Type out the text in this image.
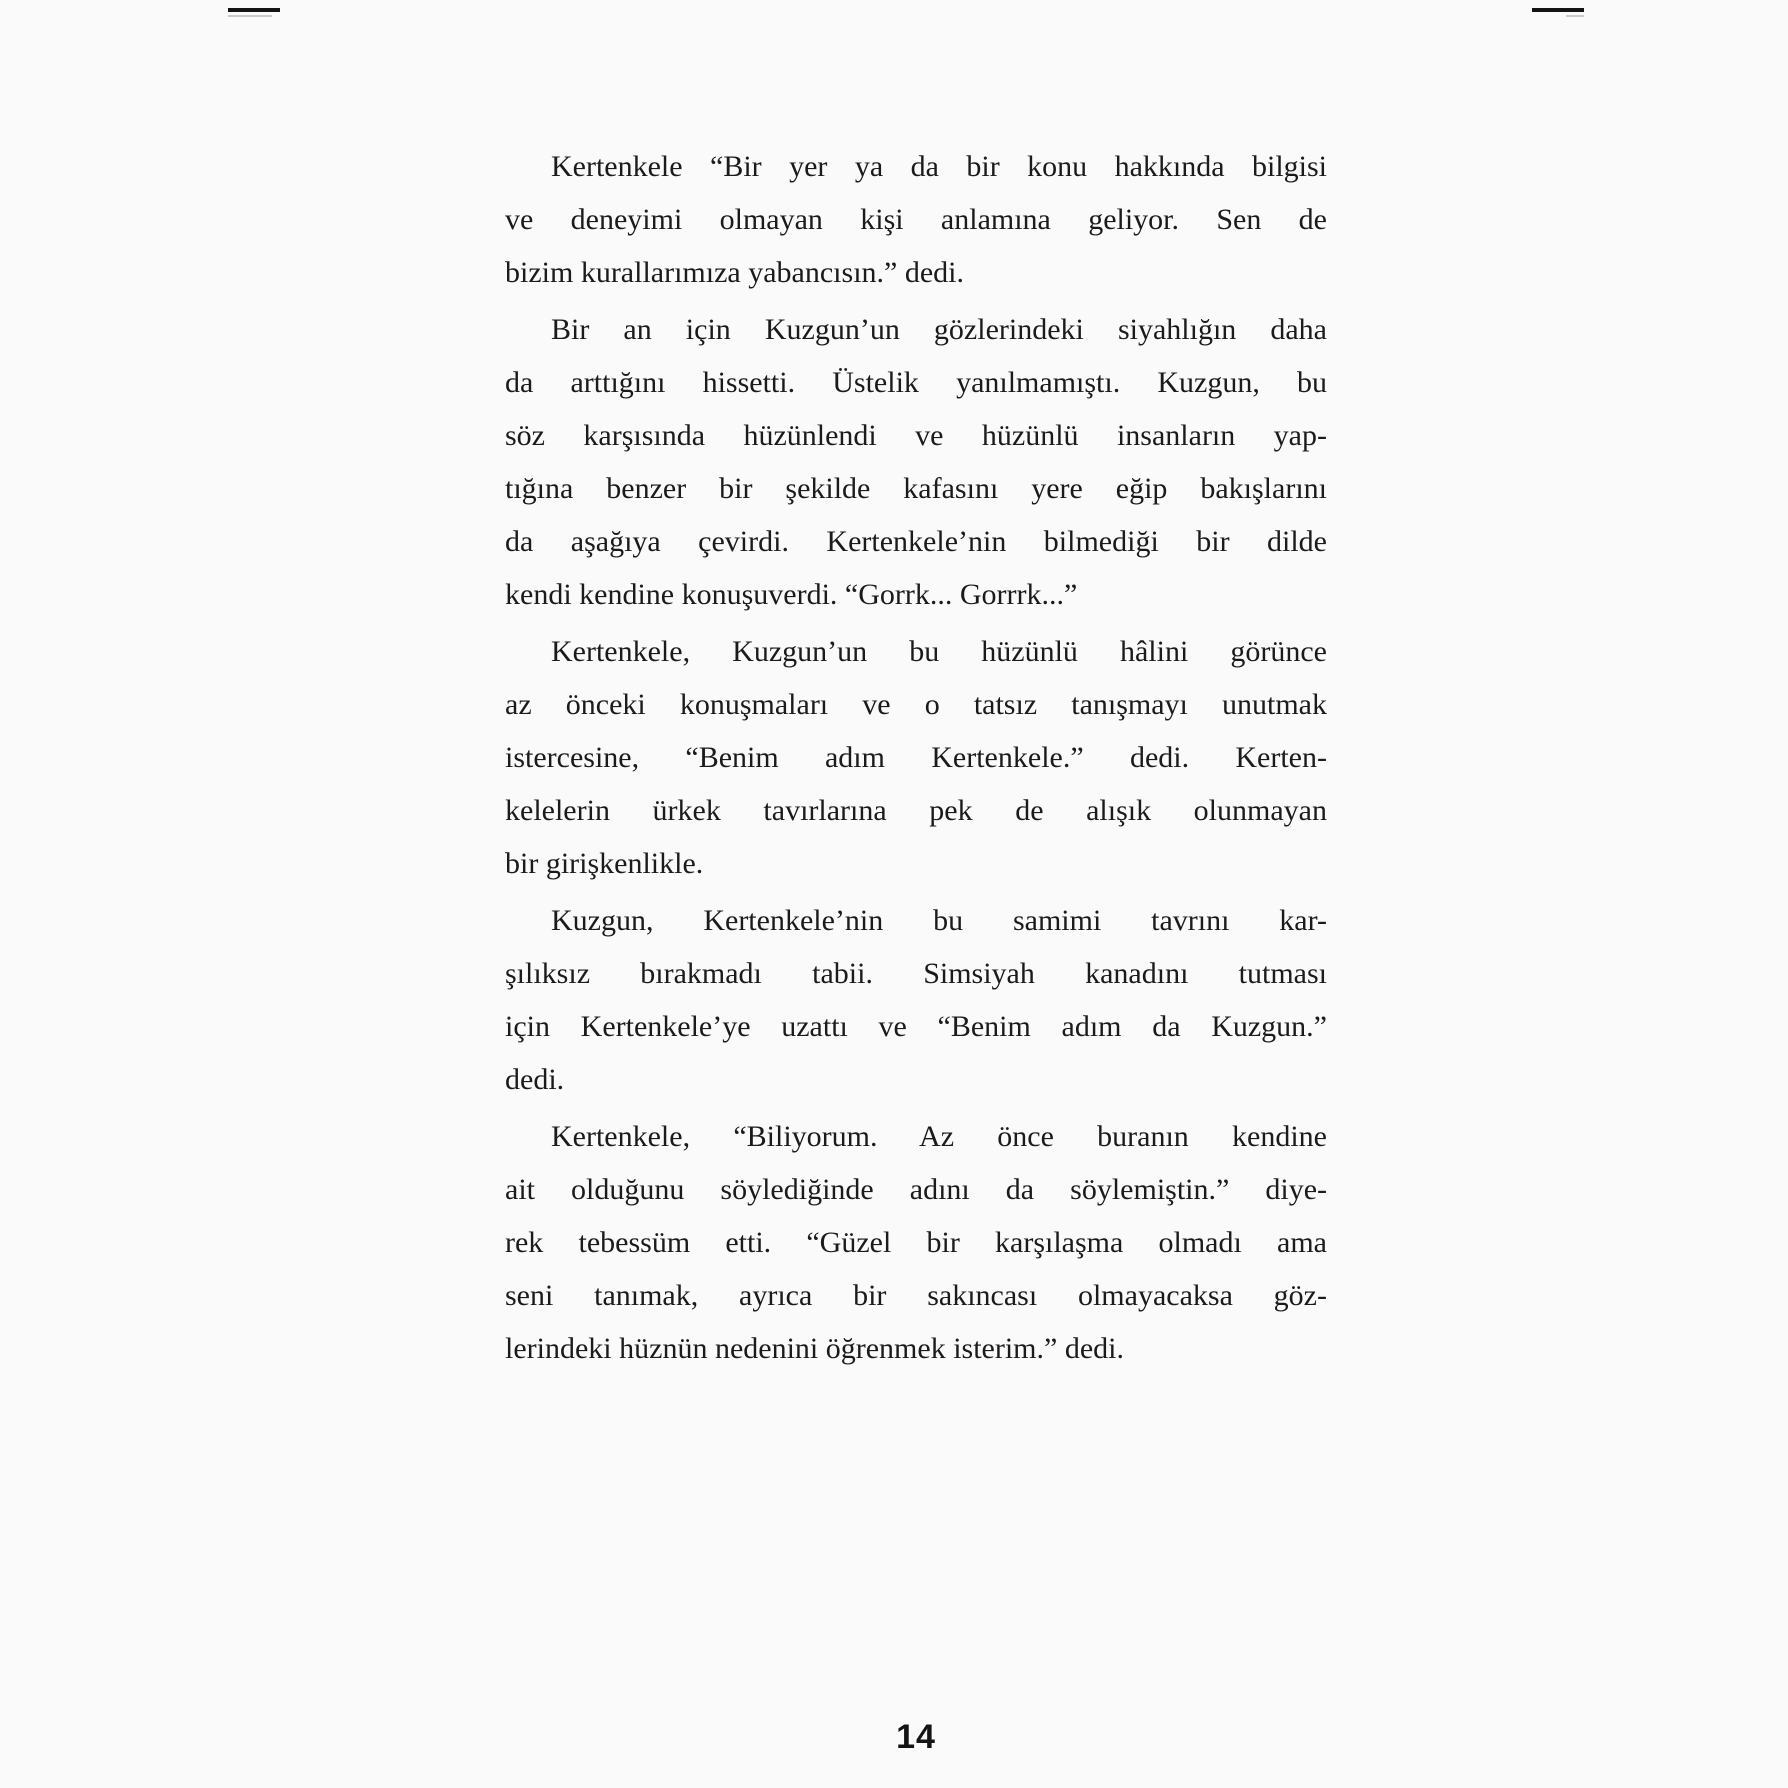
Kertenkele “Bir yer ya da bir konu hakkında bilgisi
ve deneyimi olmayan kişi anlamına geliyor. Sen de
bizim kurallarımıza yabancısın.” dedi.
Bir an için Kuzgun’un gözlerindeki siyahlığın daha
da arttığını hissetti. Üstelik yanılmamıştı. Kuzgun, bu
söz karşısında hüzünlendi ve hüzünlü insanların yap-
tığına benzer bir şekilde kafasını yere eğip bakışlarını
da aşağıya çevirdi. Kertenkele’nin bilmediği bir dilde
kendi kendine konuşuverdi. “Gorrk... Gorrrk...”
Kertenkele, Kuzgun’un bu hüzünlü hâlini görünce
az önceki konuşmaları ve o tatsız tanışmayı unutmak
istercesine, “Benim adım Kertenkele.” dedi. Kerten-
kelelerin ürkek tavırlarına pek de alışık olunmayan
bir girişkenlikle.
Kuzgun, Kertenkele’nin bu samimi tavrını kar-
şılıksız bırakmadı tabii. Simsiyah kanadını tutması
için Kertenkele’ye uzattı ve “Benim adım da Kuzgun.”
dedi.
Kertenkele, “Biliyorum. Az önce buranın kendine
ait olduğunu söylediğinde adını da söylemiştin.” diye-
rek tebessüm etti. “Güzel bir karşılaşma olmadı ama
seni tanımak, ayrıca bir sakıncası olmayacaksa göz-
lerindeki hüznün nedenini öğrenmek isterim.” dedi.
14
